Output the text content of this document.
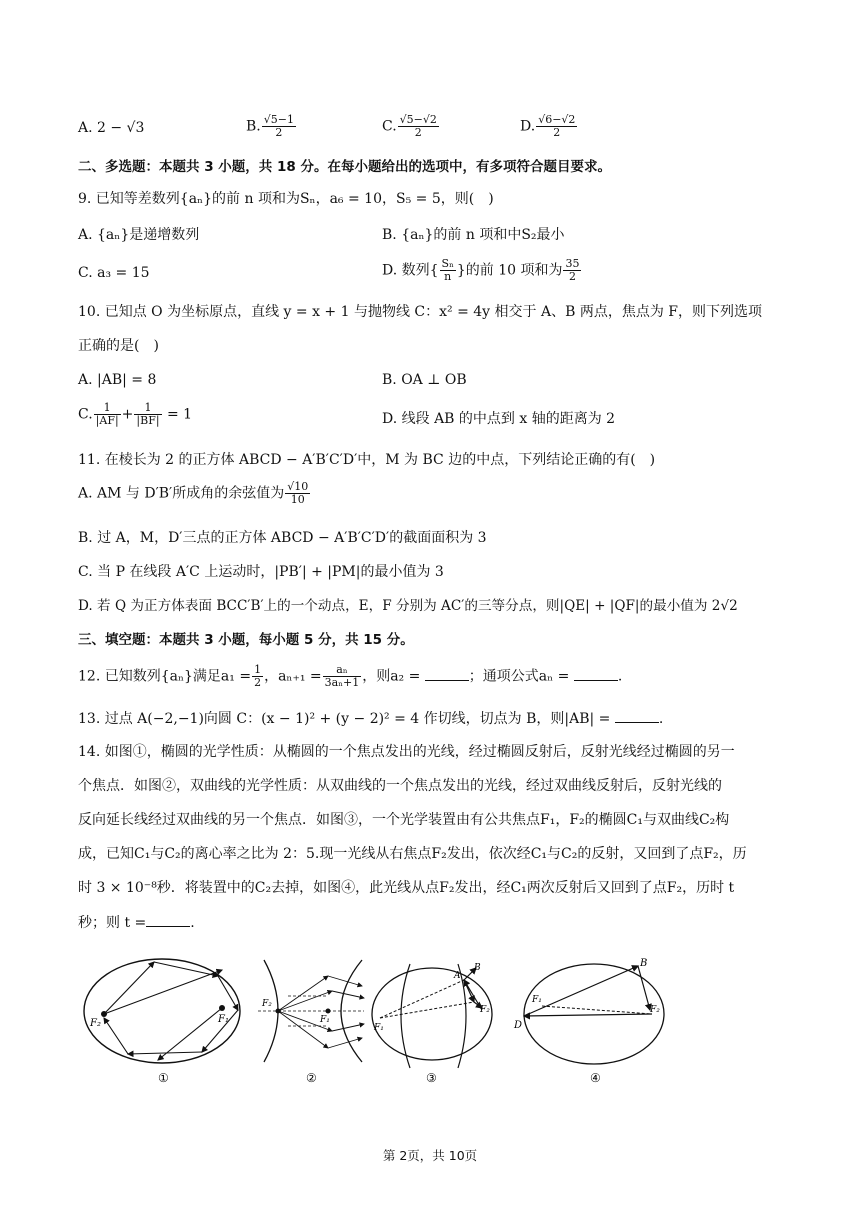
A. 2 − √3	B. $\frac{√5-1}{2}$	C. $\frac{√5-√2}{2}$	D. $\frac{√6-√2}{2}$
二、多选题：本题共 3 小题，共 18 分。在每小题给出的选项中，有多项符合题目要求。
9. 已知等差数列{aₙ}的前 n 项和为Sₙ，a₆ = 10，S₅ = 5，则(　)
A. {aₙ}是递增数列	B. {aₙ}的前 n 项和中S₂最小
C. a₃ = 15	D. 数列{ $\frac{\text{Sₙ}}{n}$ }的前 10 项和为 $\frac{35}{2}$
10. 已知点 O 为坐标原点，直线 y = x + 1 与抛物线 C：x² = 4y 相交于 A、B 两点，焦点为 F，则下列选项
正确的是(　)
A. |AB| = 8	B. OA ⊥ OB
C. $\frac{1}{|AF|} + \frac{1}{|BF|} = 1$	D. 线段 AB 的中点到 x 轴的距离为 2
11. 在棱长为 2 的正方体 ABCD − A′B′C′D′中，M 为 BC 边的中点，下列结论正确的有(　)
A. AM 与 D′B′所成角的余弦值为 $\frac{√10}{10}$
B. 过 A，M，D′三点的正方体 ABCD − A′B′C′D′的截面面积为 3
C. 当 P 在线段 A′C 上运动时，|PB′| + |PM|的最小值为 3
D. 若 Q 为正方体表面 BCC′B′上的一个动点，E，F 分别为 AC′的三等分点，则|QE| + |QF|的最小值为 2√2
三、填空题：本题共 3 小题，每小题 5 分，共 15 分。
12. 已知数列{aₙ}满足$a_1 = \frac{1}{2}$ ，$a_{n+1} = \frac{\text{aₙ}}{\text{3aₙ+1}}$ ，则a₂ =	；通项公式aₙ =	.
13. 过点 A(−2,−1)向圆 C：(x − 1)² + (y − 2)² = 4 作切线，切点为 B，则|AB| =	.
14. 如图①，椭圆的光学性质：从椭圆的一个焦点发出的光线，经过椭圆反射后，反射光线经过椭圆的另一
个焦点．如图②，双曲线的光学性质：从双曲线的一个焦点发出的光线，经过双曲线反射后，反射光线的
反向延长线经过双曲线的另一个焦点．如图③，一个光学装置由有公共焦点F₁，F₂的椭圆C₁与双曲线C₂构
成，已知C₁与C₂的离心率之比为 2：5.现一光线从右焦点F₂发出，依次经C₁与C₂的反射，又回到了点F₂，历
时 3 × 10⁻⁸秒．将装置中的C₂去掉，如图④，此光线从点F₂发出，经C₁两次反射后又回到了点F₂，历时 t
秒；则 t =	.
F₂	F₁
①
F₂
F₁
②
A
B
F₁
F₂
③
B
D
F₁
F₂
④
第 2页，共 10页
